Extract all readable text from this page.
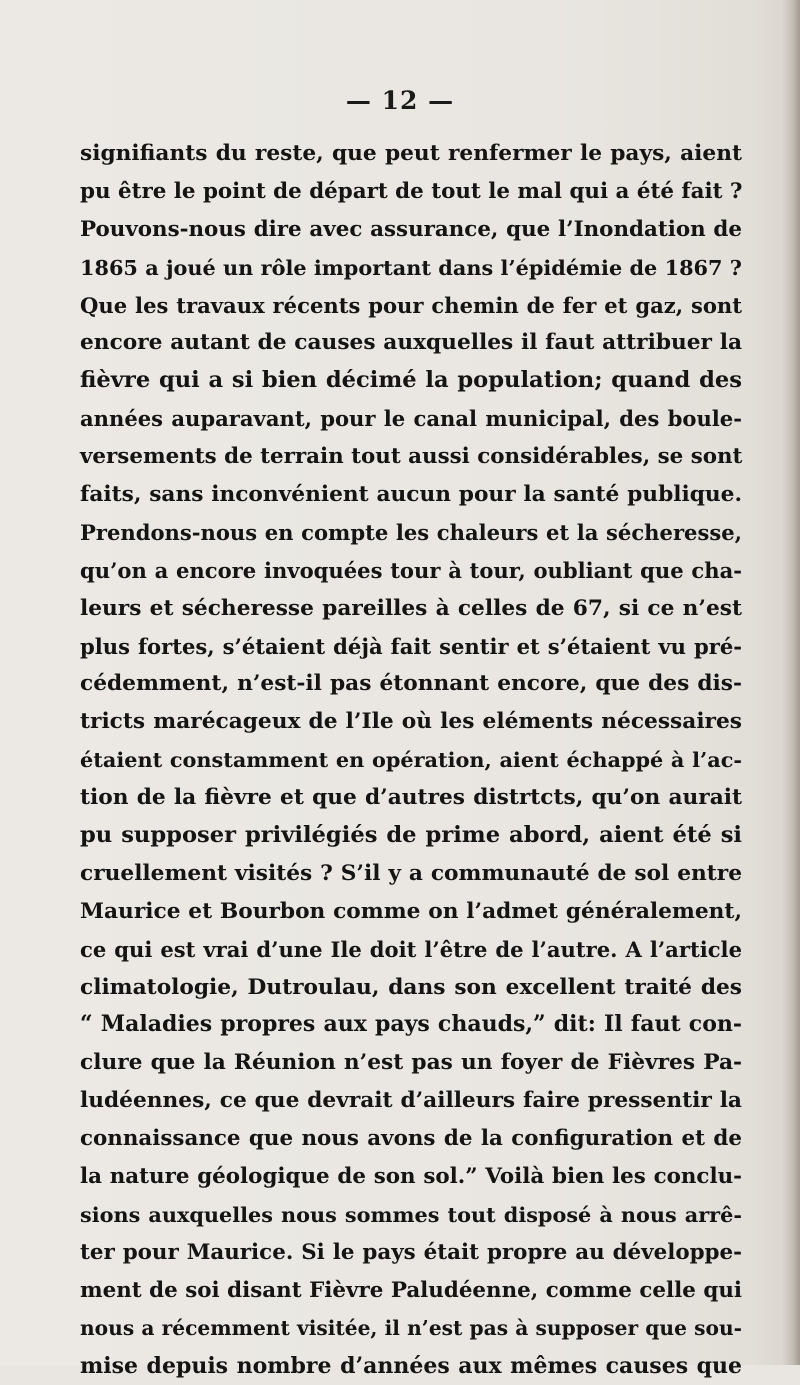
— 12 —
signifiants du reste, que peut renfermer le pays, aient
pu être le point de départ de tout le mal qui a été fait ?
Pouvons-nous dire avec assurance, que l’Inondation de
1865 a joué un rôle important dans l’épidémie de 1867 ?
Que les travaux récents pour chemin de fer et gaz, sont
encore autant de causes auxquelles il faut attribuer la
fièvre qui a si bien décimé la population; quand des
années auparavant, pour le canal municipal, des boule-
versements de terrain tout aussi considérables, se sont
faits, sans inconvénient aucun pour la santé publique.
Prendons-nous en compte les chaleurs et la sécheresse,
qu’on a encore invoquées tour à tour, oubliant que cha-
leurs et sécheresse pareilles à celles de 67, si ce n’est
plus fortes, s’étaient déjà fait sentir et s’étaient vu pré-
cédemment, n’est-il pas étonnant encore, que des dis-
tricts marécageux de l’Ile où les eléments nécessaires
étaient constamment en opération, aient échappé à l’ac-
tion de la fièvre et que d’autres distrtcts, qu’on aurait
pu supposer privilégiés de prime abord, aient été si
cruellement visités ? S’il y a communauté de sol entre
Maurice et Bourbon comme on l’admet généralement,
ce qui est vrai d’une Ile doit l’être de l’autre. A l’article
climatologie, Dutroulau, dans son excellent traité des
“ Maladies propres aux pays chauds,” dit: Il faut con-
clure que la Réunion n’est pas un foyer de Fièvres Pa-
ludéennes, ce que devrait d’ailleurs faire pressentir la
connaissance que nous avons de la configuration et de
la nature géologique de son sol.” Voilà bien les conclu-
sions auxquelles nous sommes tout disposé à nous arrê-
ter pour Maurice. Si le pays était propre au développe-
ment de soi disant Fièvre Paludéenne, comme celle qui
nous a récemment visitée, il n’est pas à supposer que sou-
mise depuis nombre d’années aux mêmes causes que
